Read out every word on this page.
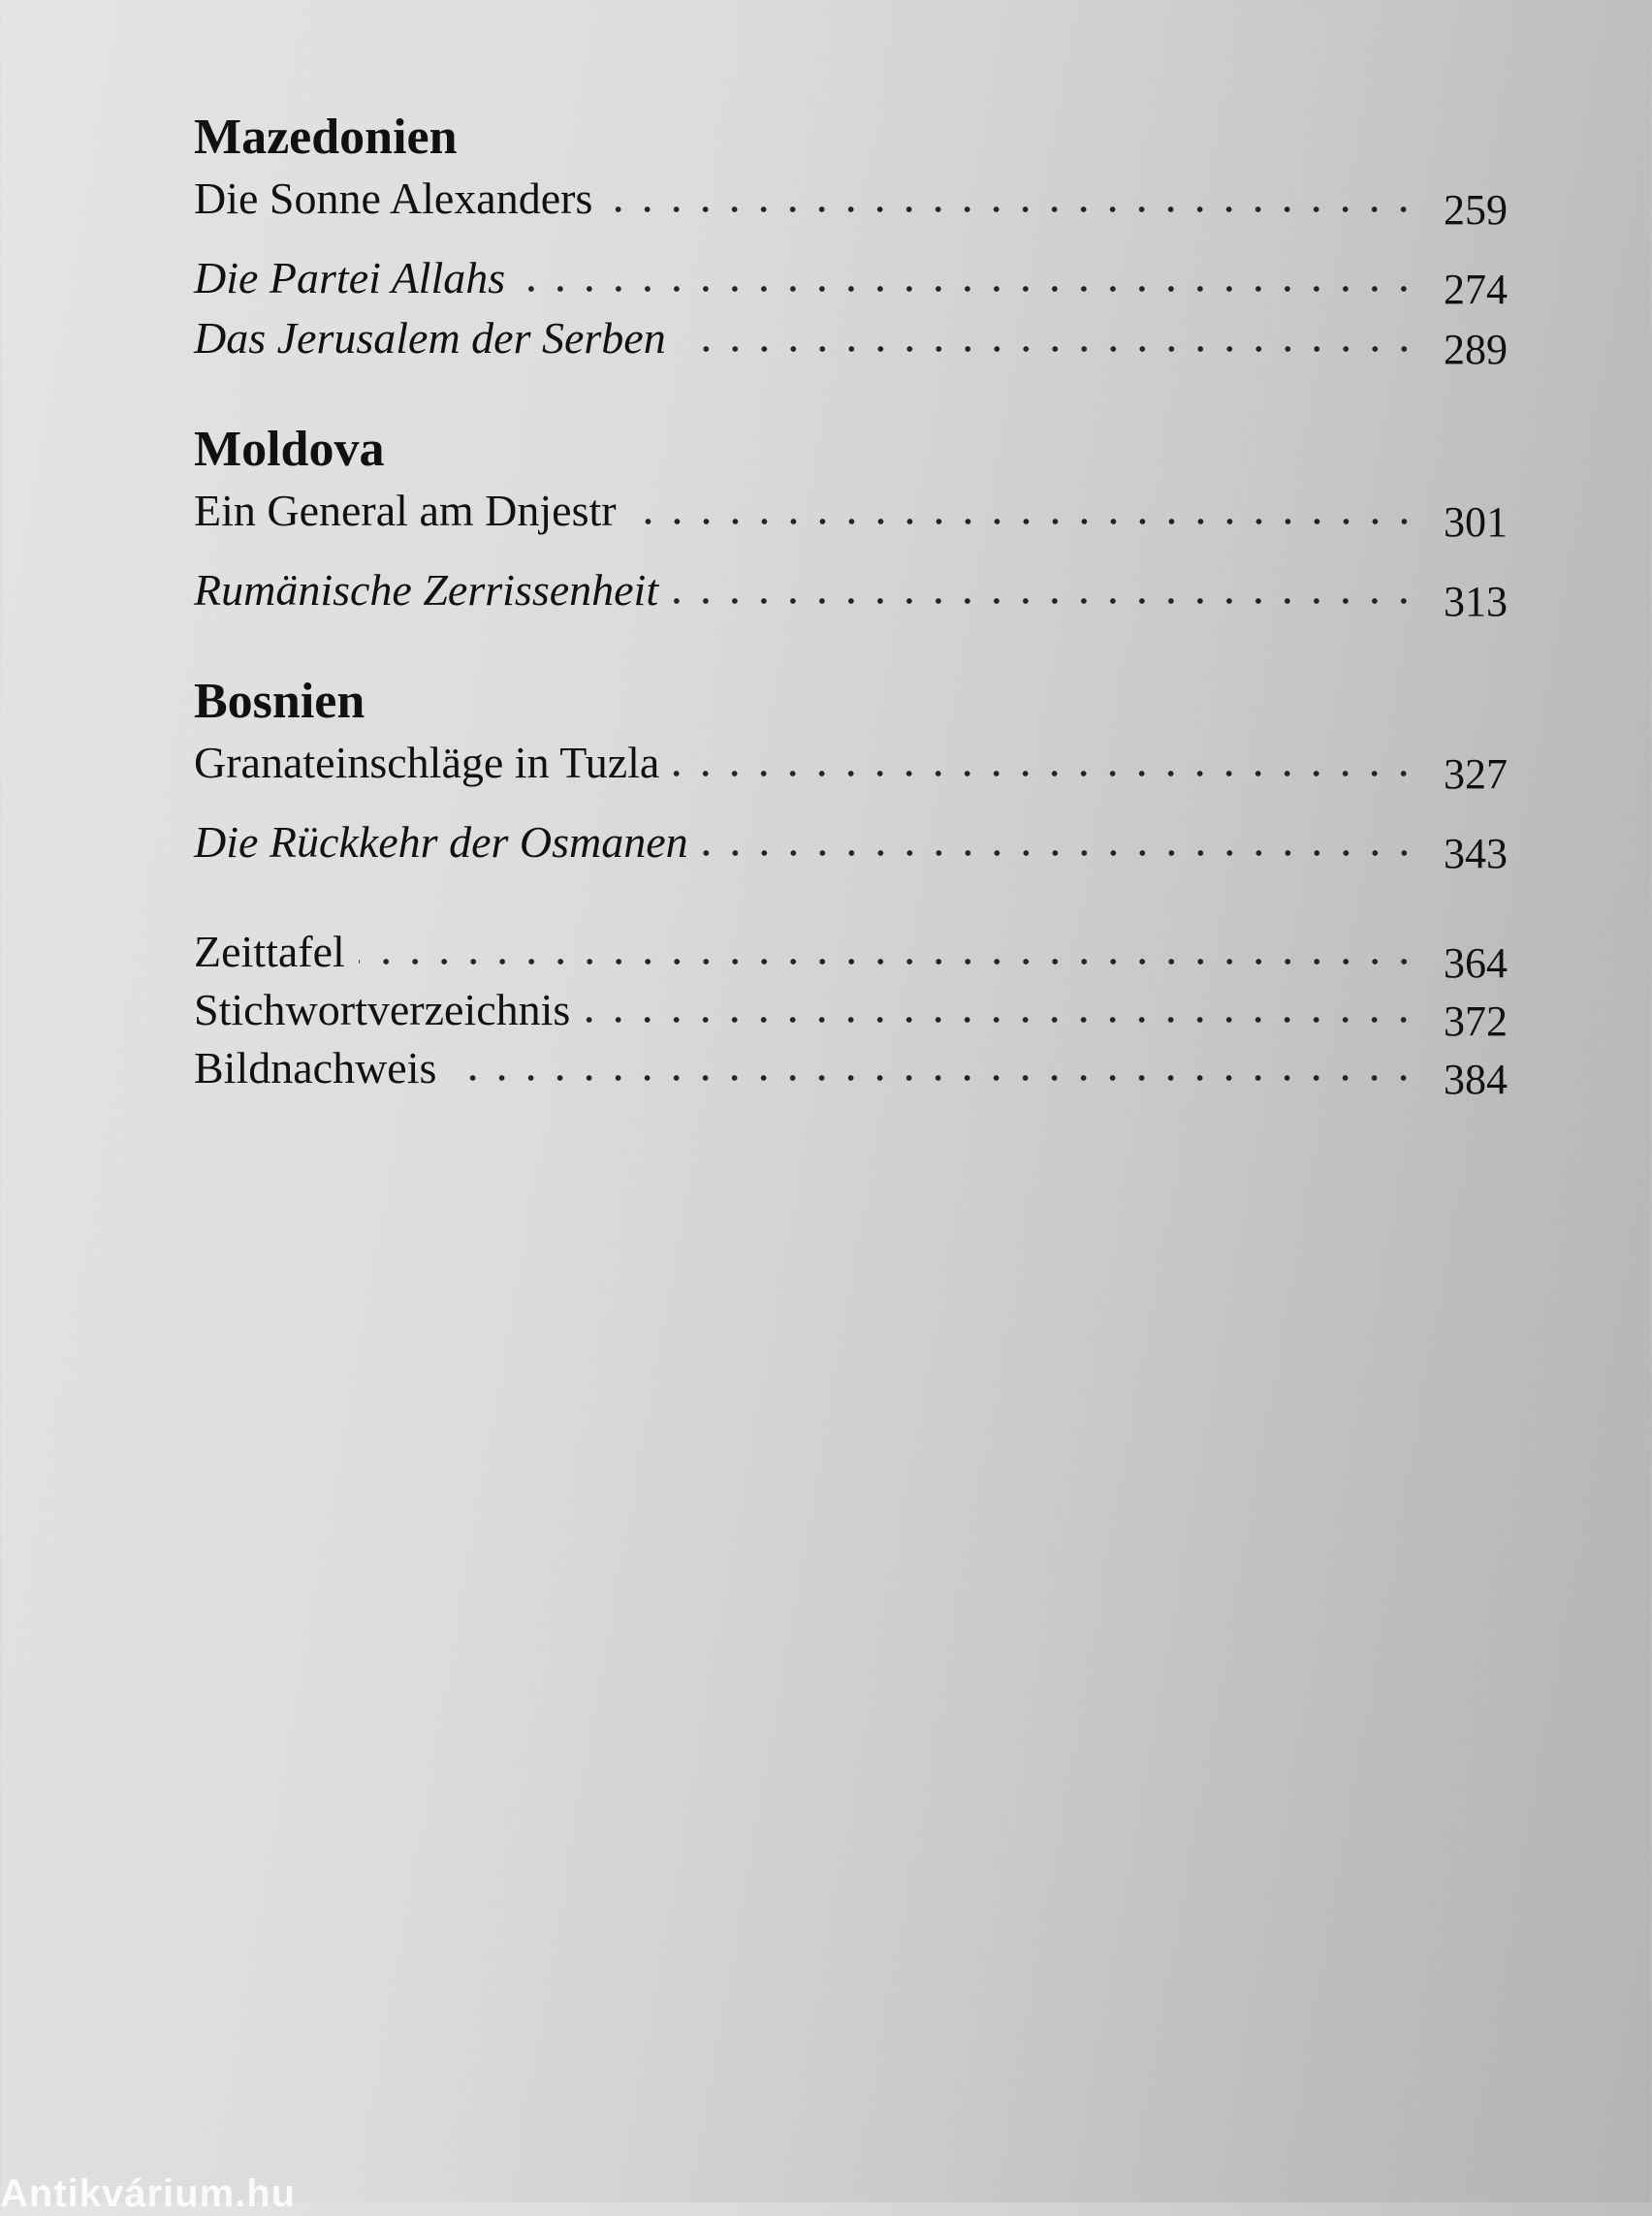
Mazedonien
Die Sonne Alexanders	259
Die Partei Allahs	274
Das Jerusalem der Serben	289
Moldova
Ein General am Dnjestr	301
Rumänische Zerrissenheit	313
Bosnien
Granateinschläge in Tuzla	327
Die Rückkehr der Osmanen	343
Zeittafel	364
Stichwortverzeichnis	372
Bildnachweis	384
Antikvárium.hu
